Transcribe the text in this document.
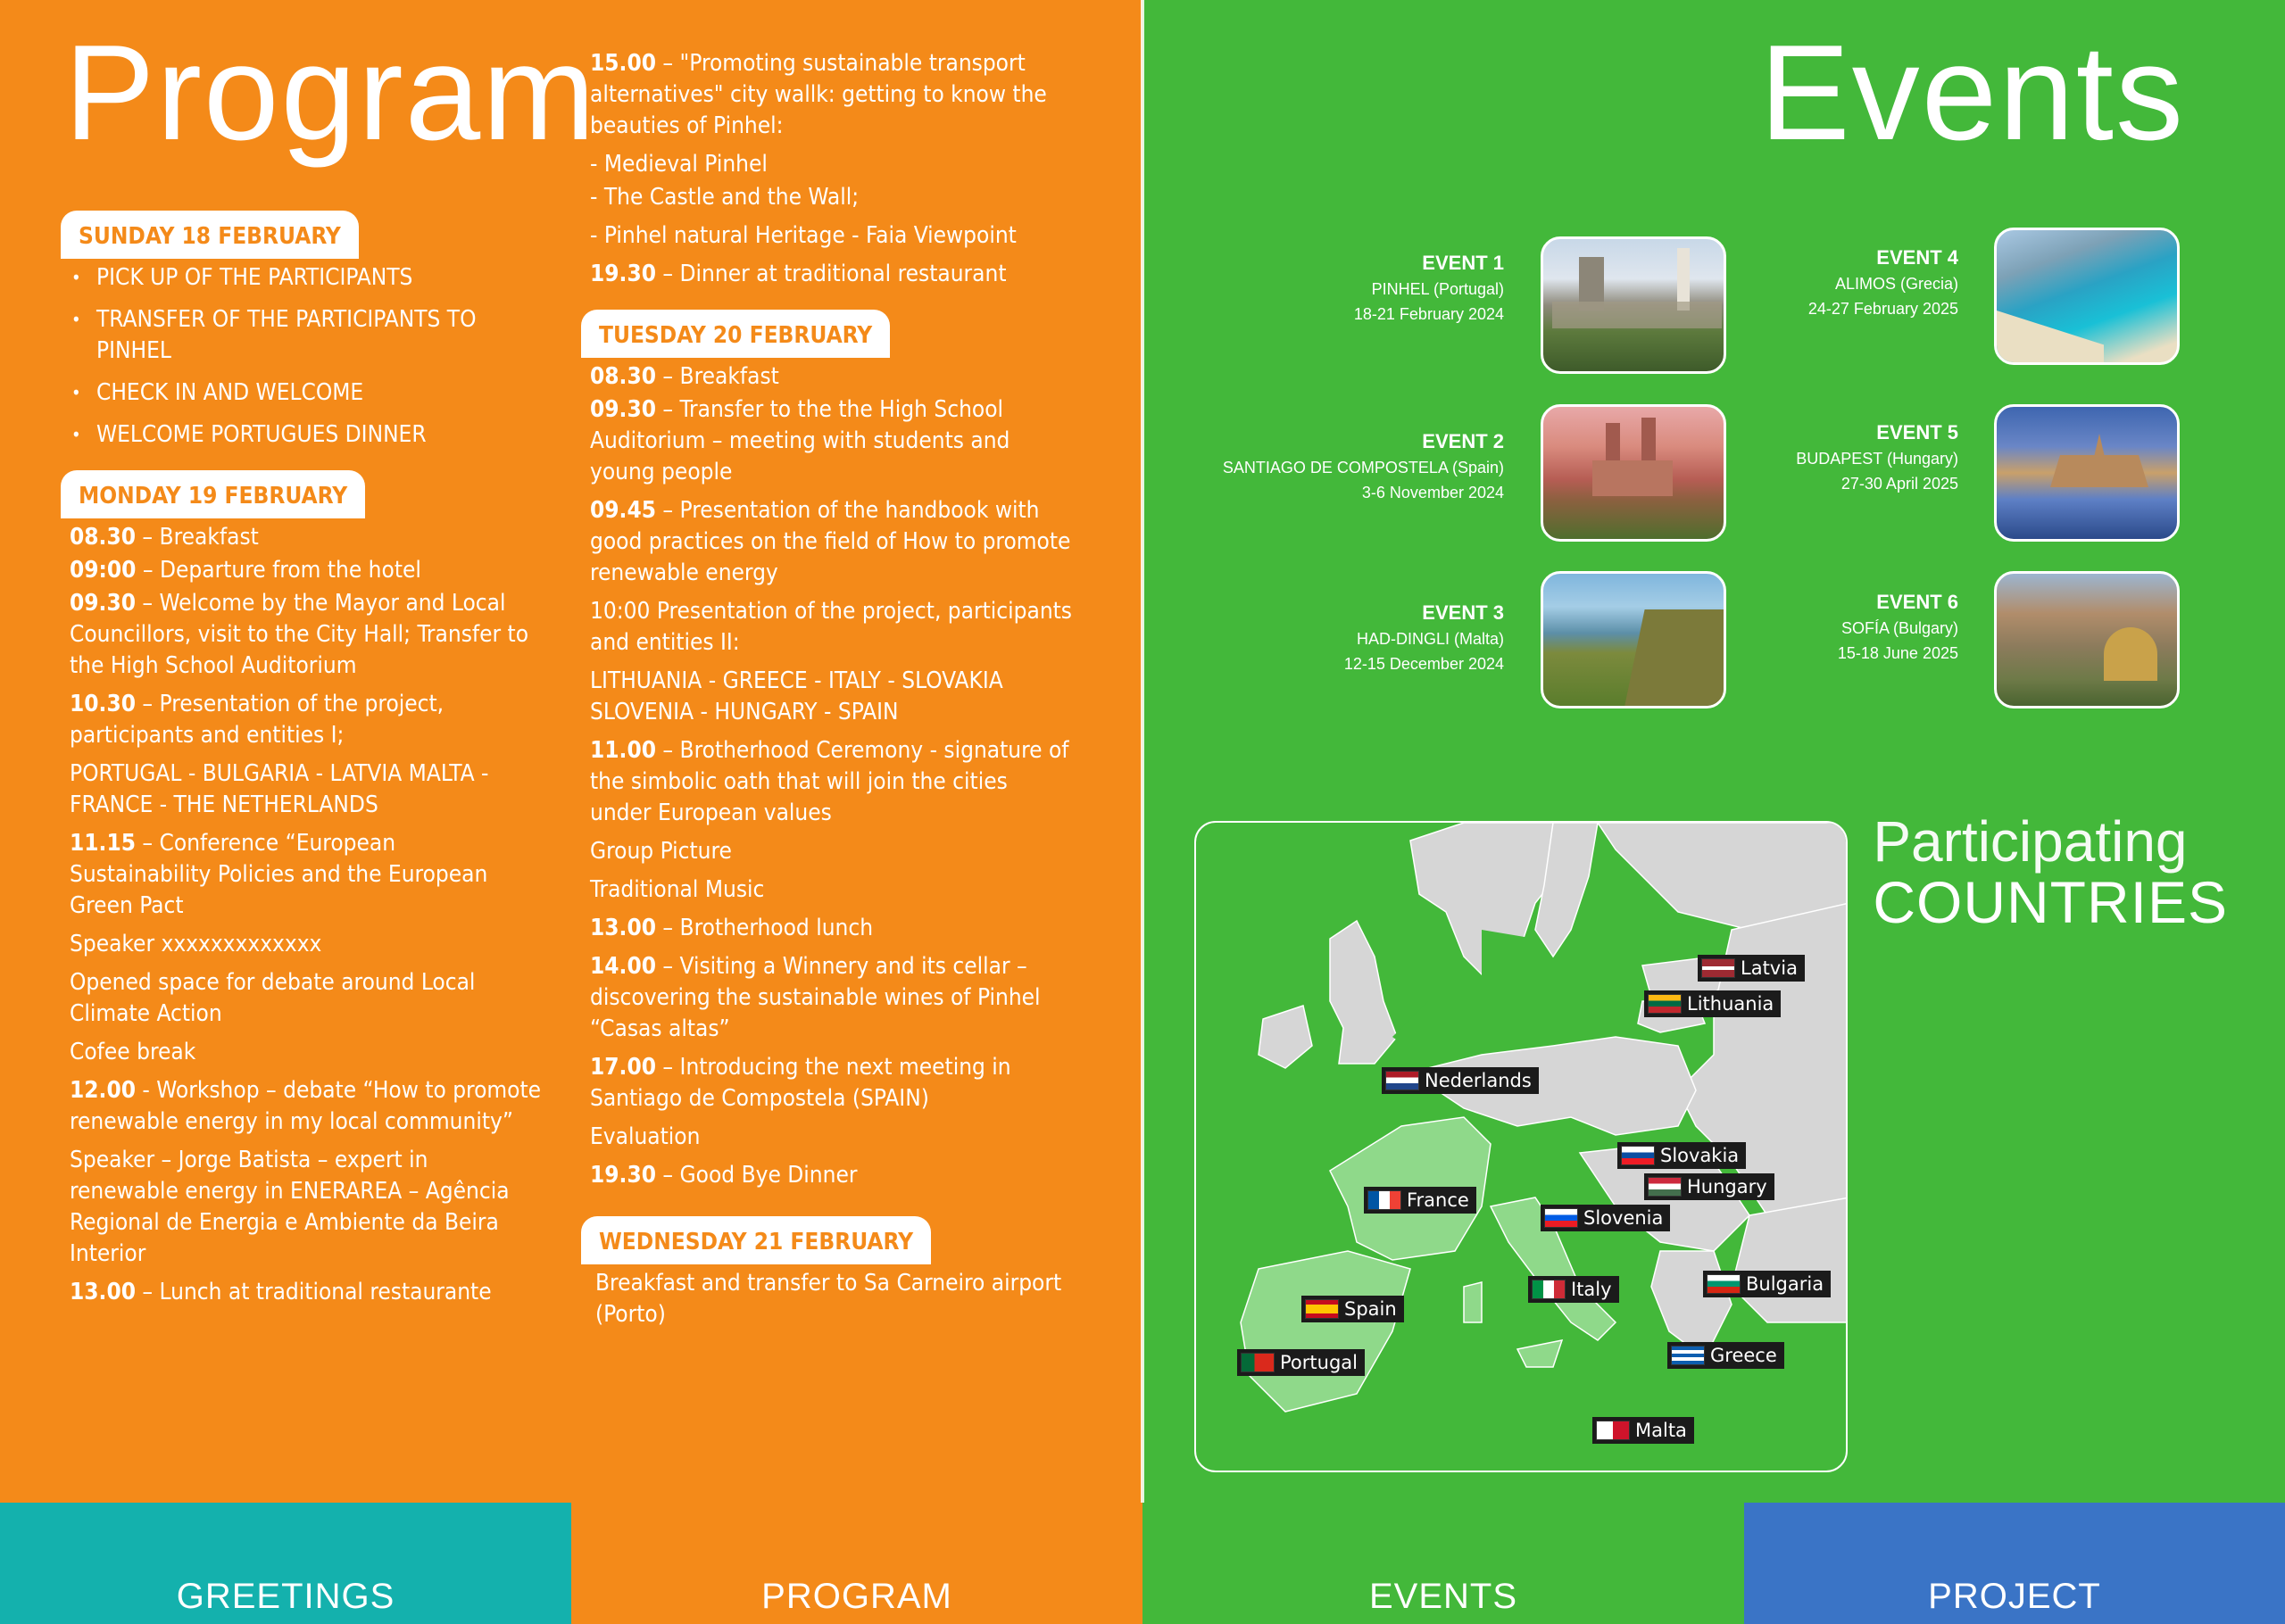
Program	Events
SUNDAY 18 FEBRUARY
• PICK UP OF THE PARTICIPANTS
• TRANSFER OF THE PARTICIPANTS TO PINHEL
• CHECK IN AND WELCOME
• WELCOME PORTUGUES DINNER
MONDAY 19 FEBRUARY

08.30 – Breakfast

09:00 – Departure from the hotel

09.30 – Welcome by the Mayor and Local Councillors, visit to the City Hall; Transfer to the High School Auditorium

10.30 – Presentation of the project, participants and entities I;

PORTUGAL - BULGARIA - LATVIA MALTA - FRANCE - THE NETHERLANDS

11.15 – Conference “European Sustainability Policies and the European Green Pact

Speaker xxxxxxxxxxxxx

Opened space for debate around Local Climate Action

Cofee break

12.00 - Workshop – debate “How to promote renewable energy in my local community”

Speaker – Jorge Batista – expert in renewable energy in ENERAREA – Agência Regional de Energia e Ambiente da Beira Interior

13.00 – Lunch at traditional restaurante

15.00 – "Promoting sustainable transport alternatives" city wallk: getting to know the beauties of Pinhel:

- Medieval Pinhel

- The Castle and the Wall;

- Pinhel natural Heritage - Faia Viewpoint

19.30 – Dinner at traditional restaurant

TUESDAY 20 FEBRUARY

08.30 – Breakfast

09.30 – Transfer to the the High School Auditorium – meeting with students and young people

09.45 – Presentation of the handbook with good practices on the field of How to promote renewable energy

10:00 Presentation of the project, participants and entities II:

LITHUANIA - GREECE - ITALY - SLOVAKIA SLOVENIA - HUNGARY - SPAIN

11.00 – Brotherhood Ceremony - signature of the simbolic oath that will join the cities under European values

Group Picture

Traditional Music

13.00 – Brotherhood lunch

14.00 – Visiting a Winnery and its cellar – discovering the sustainable wines of Pinhel “Casas altas”

17.00 – Introducing the next meeting in Santiago de Compostela (SPAIN)

Evaluation

19.30 – Good Bye Dinner

WEDNESDAY 21 FEBRUARY

Breakfast and transfer to Sa Carneiro airport (Porto)

EVENT 1
PINHEL (Portugal)
18-21 February 2024
EVENT 2
SANTIAGO DE COMPOSTELA (Spain)
3-6 November 2024
EVENT 3
HAD-DINGLI (Malta)
12-15 December 2024
EVENT 4
ALIMOS (Grecia)
24-27 February 2025
EVENT 5
BUDAPEST (Hungary)
27-30 April 2025
EVENT 6
SOFÍA (Bulgary)
15-18 June 2025
Participating
COUNTRIES
Latvia
Lithuania
Nederlands
Slovakia
Hungary
France
Slovenia
Italy	Bulgaria
Spain
Portugal	Greece
Malta
GREETINGS	PROGRAM	EVENTS	PROJECT
